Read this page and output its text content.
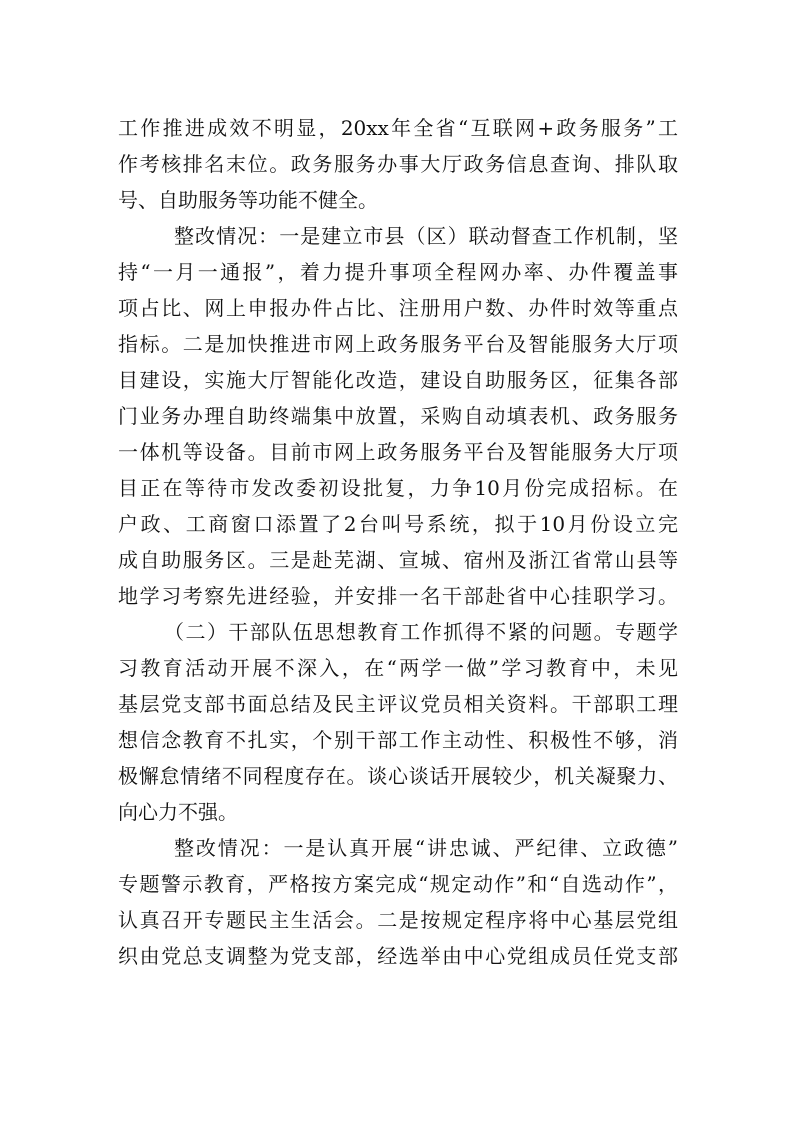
工作推进成效不明显，20xx年全省“互联网+政务服务”工
作考核排名末位。政务服务办事大厅政务信息查询、排队取
号、自助服务等功能不健全。
整改情况：一是建立市县（区）联动督查工作机制，坚
持“一月一通报”，着力提升事项全程网办率、办件覆盖事
项占比、网上申报办件占比、注册用户数、办件时效等重点
指标。二是加快推进市网上政务服务平台及智能服务大厅项
目建设，实施大厅智能化改造，建设自助服务区，征集各部
门业务办理自助终端集中放置，采购自动填表机、政务服务
一体机等设备。目前市网上政务服务平台及智能服务大厅项
目正在等待市发改委初设批复，力争10月份完成招标。在
户政、工商窗口添置了2台叫号系统，拟于10月份设立完
成自助服务区。三是赴芜湖、宣城、宿州及浙江省常山县等
地学习考察先进经验，并安排一名干部赴省中心挂职学习。
（二）干部队伍思想教育工作抓得不紧的问题。专题学
习教育活动开展不深入，在“两学一做”学习教育中，未见
基层党支部书面总结及民主评议党员相关资料。干部职工理
想信念教育不扎实，个别干部工作主动性、积极性不够，消
极懈怠情绪不同程度存在。谈心谈话开展较少，机关凝聚力、
向心力不强。
整改情况：一是认真开展“讲忠诚、严纪律、立政德”
专题警示教育，严格按方案完成“规定动作”和“自选动作”，
认真召开专题民主生活会。二是按规定程序将中心基层党组
织由党总支调整为党支部，经选举由中心党组成员任党支部
